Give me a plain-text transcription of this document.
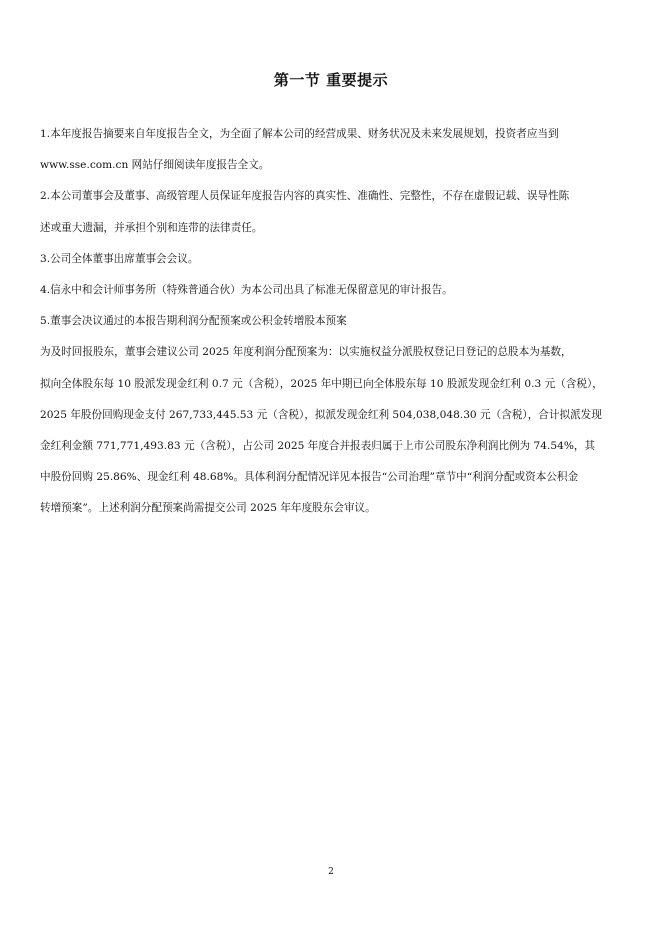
第一节 重要提示
1.本年度报告摘要来自年度报告全文，为全面了解本公司的经营成果、财务状况及未来发展规划，投资者应当到
www.sse.com.cn 网站仔细阅读年度报告全文。
2.本公司董事会及董事、高级管理人员保证年度报告内容的真实性、准确性、完整性，不存在虚假记载、误导性陈
述或重大遗漏，并承担个别和连带的法律责任。
3.公司全体董事出席董事会会议。
4.信永中和会计师事务所（特殊普通合伙）为本公司出具了标准无保留意见的审计报告。
5.董事会决议通过的本报告期利润分配预案或公积金转增股本预案
为及时回报股东，董事会建议公司 2025 年度利润分配预案为：以实施权益分派股权登记日登记的总股本为基数，
拟向全体股东每 10 股派发现金红利 0.7 元（含税），2025 年中期已向全体股东每 10 股派发现金红利 0.3 元（含税），
2025 年股份回购现金支付 267,733,445.53 元（含税），拟派发现金红利 504,038,048.30 元（含税），合计拟派发现
金红利金额 771,771,493.83 元（含税），占公司 2025 年度合并报表归属于上市公司股东净利润比例为 74.54%，其
中股份回购 25.86%、现金红利 48.68%。具体利润分配情况详见本报告“公司治理”章节中“利润分配或资本公积金
转增预案”。上述利润分配预案尚需提交公司 2025 年年度股东会审议。
2
